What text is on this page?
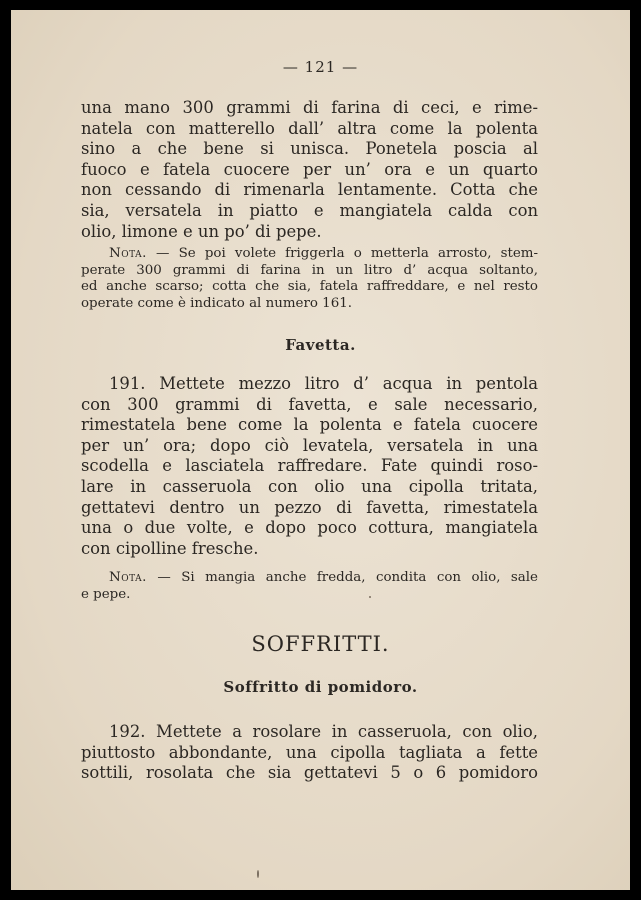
— 121 —

una mano 300 grammi di farina di ceci, e rime-
natela con matterello dall’ altra come la polenta
sino a che bene si unisca. Ponetela poscia al
fuoco e fatela cuocere per un’ ora e un quarto
non cessando di rimenarla lentamente. Cotta che
sia, versatela in piatto e mangiatela calda con
olio, limone e un po’ di pepe.

Nota. — Se poi volete friggerla o metterla arrosto, stem-
perate 300 grammi di farina in un litro d’ acqua soltanto,
ed anche scarso; cotta che sia, fatela raffreddare, e nel resto
operate come è indicato al numero 161.

Favetta.

191. Mettete mezzo litro d’ acqua in pentola
con 300 grammi di favetta, e sale necessario,
rimestatela bene come la polenta e fatela cuocere
per un’ ora; dopo ciò levatela, versatela in una
scodella e lasciatela raffredare. Fate quindi roso-
lare in casseruola con olio una cipolla tritata,
gettatevi dentro un pezzo di favetta, rimestatela
una o due volte, e dopo poco cottura, mangiatela
con cipolline fresche.

Nota. — Si mangia anche fredda, condita con olio, sale
e pepe.

SOFFRITTI.
Soffritto di pomidoro.

192. Mettete a rosolare in casseruola, con olio,
piuttosto abbondante, una cipolla tagliata a fette
sottili, rosolata che sia gettatevi 5 o 6 pomidoro
